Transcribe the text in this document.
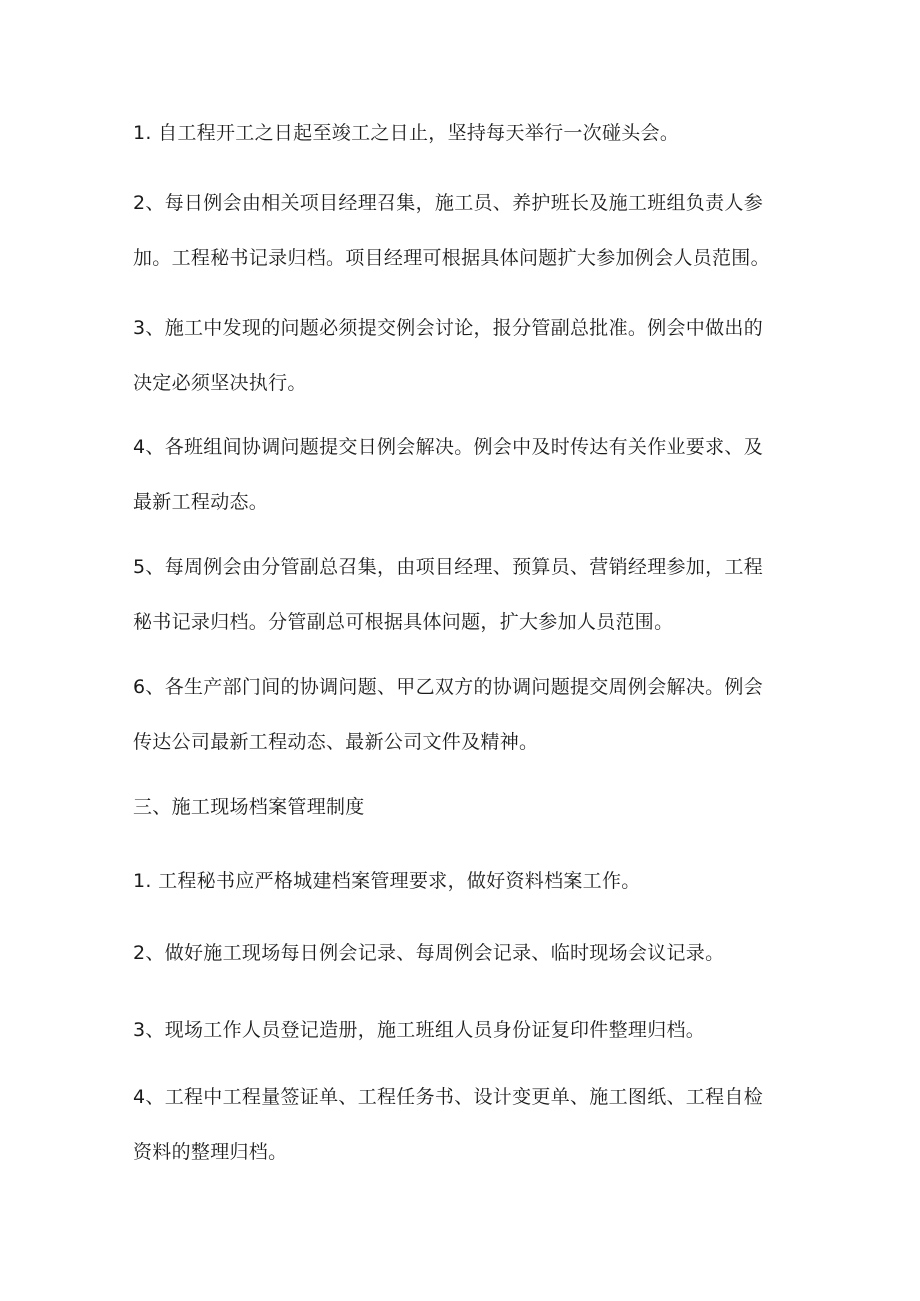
1. 自工程开工之日起至竣工之日止，坚持每天举行一次碰头会。

2、每日例会由相关项目经理召集，施工员、养护班长及施工班组负责人参
加。工程秘书记录归档。项目经理可根据具体问题扩大参加例会人员范围。

3、施工中发现的问题必须提交例会讨论，报分管副总批准。例会中做出的
决定必须坚决执行。

4、各班组间协调问题提交日例会解决。例会中及时传达有关作业要求、及
最新工程动态。

5、每周例会由分管副总召集，由项目经理、预算员、营销经理参加，工程
秘书记录归档。分管副总可根据具体问题，扩大参加人员范围。

6、各生产部门间的协调问题、甲乙双方的协调问题提交周例会解决。例会
传达公司最新工程动态、最新公司文件及精神。

三、施工现场档案管理制度

1. 工程秘书应严格城建档案管理要求，做好资料档案工作。

2、做好施工现场每日例会记录、每周例会记录、临时现场会议记录。

3、现场工作人员登记造册，施工班组人员身份证复印件整理归档。

4、工程中工程量签证单、工程任务书、设计变更单、施工图纸、工程自检
资料的整理归档。
